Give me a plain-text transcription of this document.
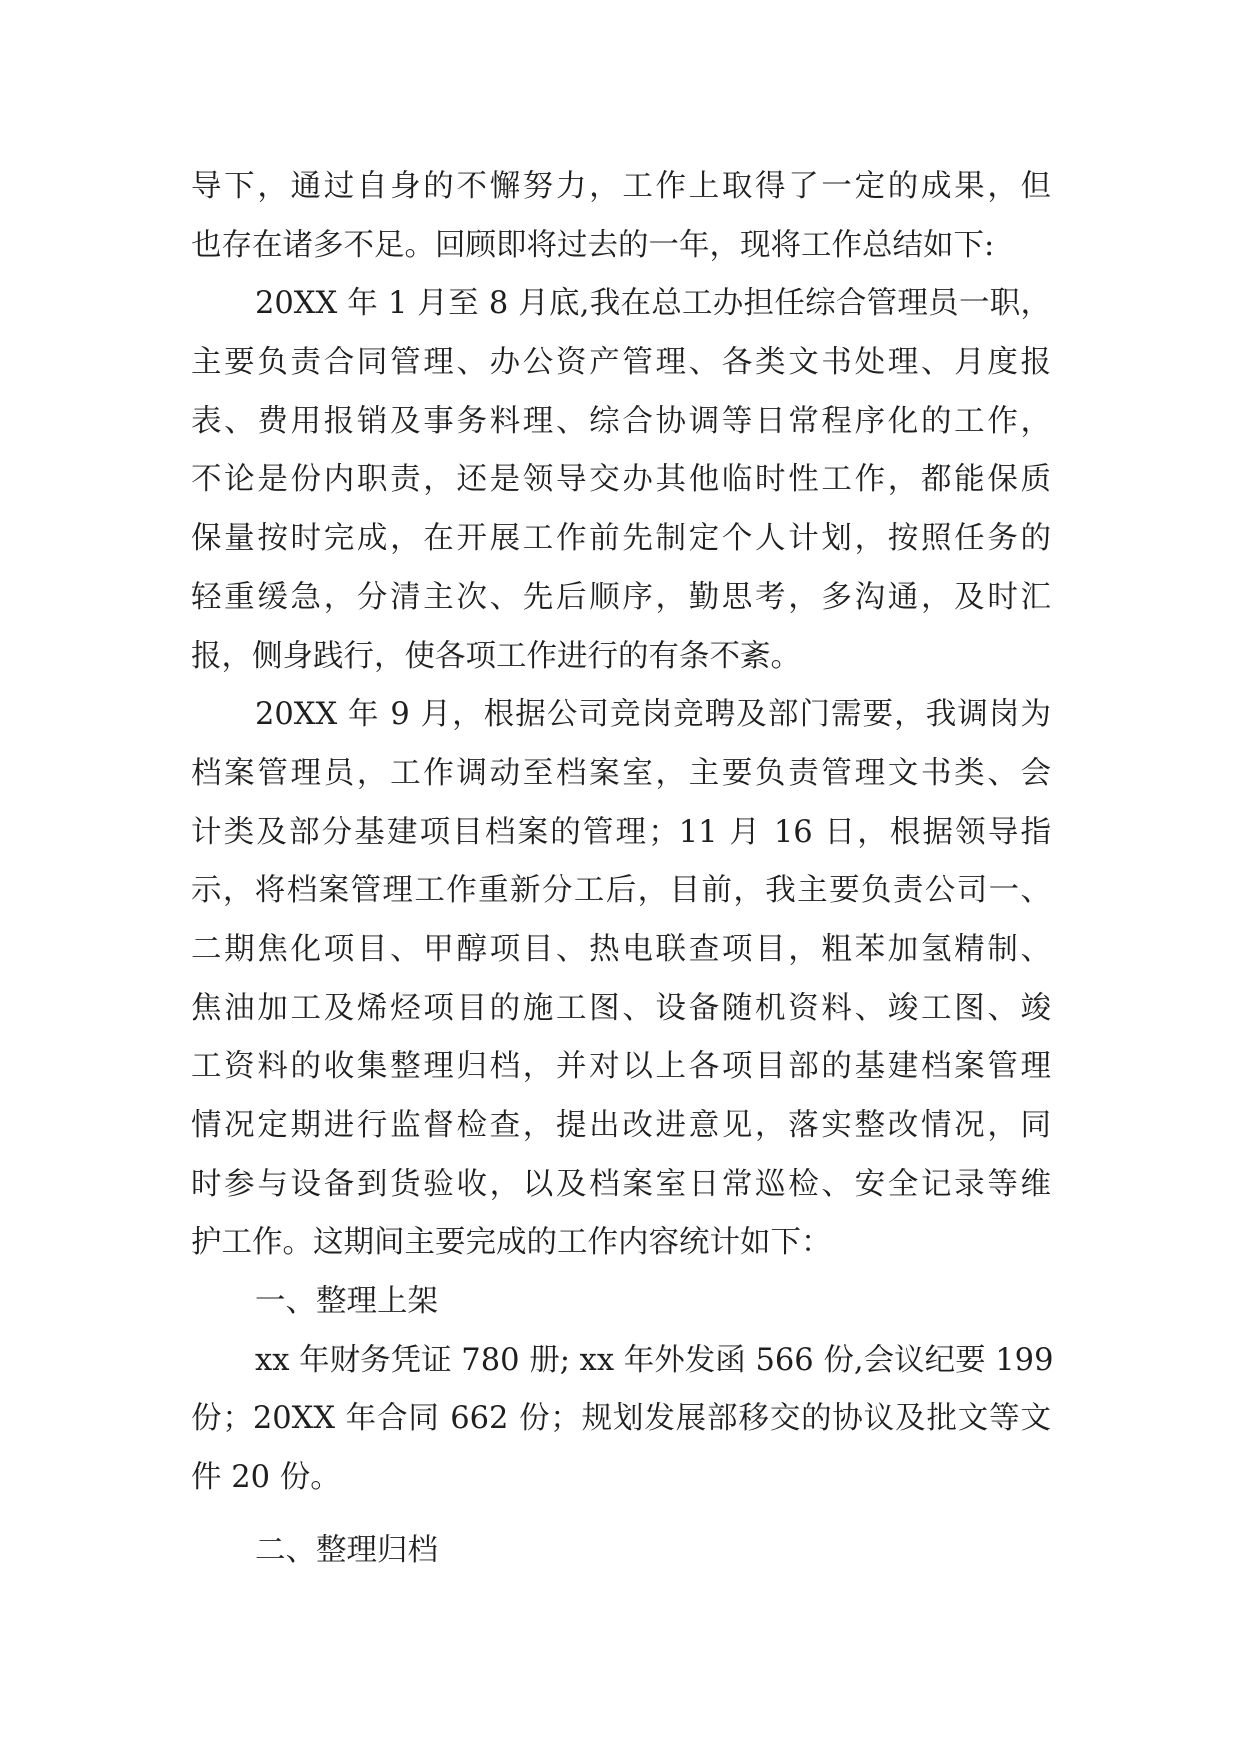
导下，通过自身的不懈努力，工作上取得了一定的成果，但
也存在诸多不足。回顾即将过去的一年，现将工作总结如下:
20XX 年 1 月至 8 月底,我在总工办担任综合管理员一职，
主要负责合同管理、办公资产管理、各类文书处理、月度报
表、费用报销及事务料理、综合协调等日常程序化的工作，
不论是份内职责，还是领导交办其他临时性工作，都能保质
保量按时完成，在开展工作前先制定个人计划，按照任务的
轻重缓急，分清主次、先后顺序，勤思考，多沟通，及时汇
报，侧身践行，使各项工作进行的有条不紊。
20XX 年 9 月，根据公司竞岗竞聘及部门需要，我调岗为
档案管理员，工作调动至档案室，主要负责管理文书类、会
计类及部分基建项目档案的管理；11 月 16 日，根据领导指
示，将档案管理工作重新分工后，目前，我主要负责公司一、
二期焦化项目、甲醇项目、热电联查项目，粗苯加氢精制、
焦油加工及烯烃项目的施工图、设备随机资料、竣工图、竣
工资料的收集整理归档，并对以上各项目部的基建档案管理
情况定期进行监督检查，提出改进意见，落实整改情况，同
时参与设备到货验收，以及档案室日常巡检、安全记录等维
护工作。这期间主要完成的工作内容统计如下：
一、整理上架
xx 年财务凭证 780 册; xx 年外发函 566 份,会议纪要 199
份；20XX 年合同 662 份；规划发展部移交的协议及批文等文
件 20 份。
二、整理归档
